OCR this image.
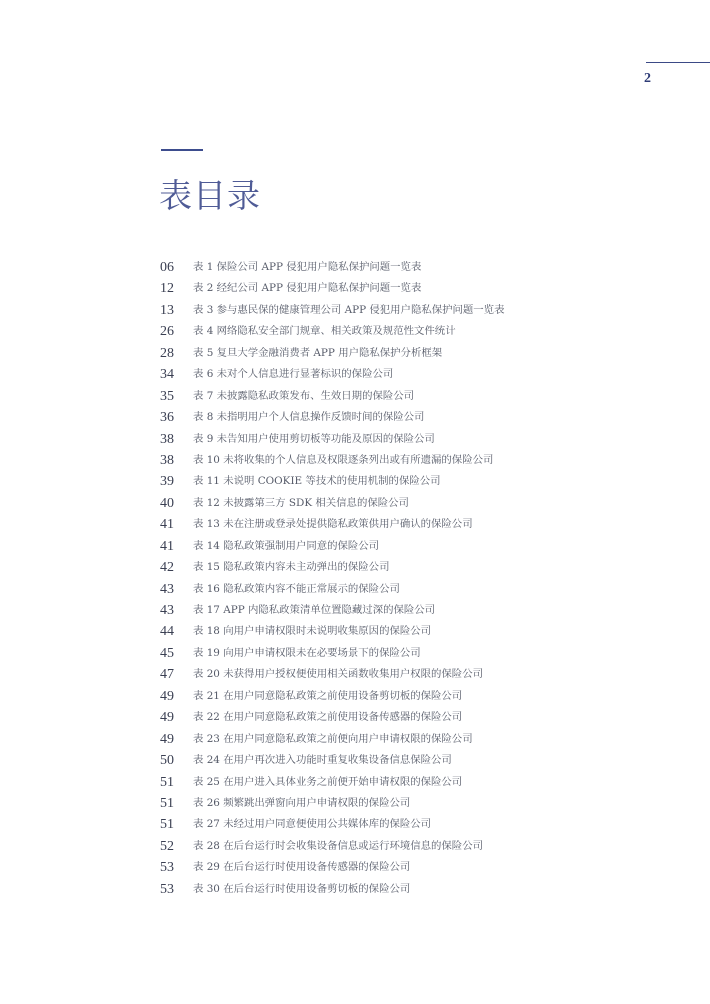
2
表目录
06	表 1 保险公司 APP 侵犯用户隐私保护问题一览表
12	表 2 经纪公司 APP 侵犯用户隐私保护问题一览表
13	表 3 参与惠民保的健康管理公司 APP 侵犯用户隐私保护问题一览表
26	表 4 网络隐私安全部门规章、相关政策及规范性文件统计
28	表 5 复旦大学金融消费者 APP 用户隐私保护分析框架
34	表 6 未对个人信息进行显著标识的保险公司
35	表 7 未披露隐私政策发布、生效日期的保险公司
36	表 8 未指明用户个人信息操作反馈时间的保险公司
38	表 9 未告知用户使用剪切板等功能及原因的保险公司
38	表 10 未将收集的个人信息及权限逐条列出或有所遗漏的保险公司
39	表 11 未说明 COOKIE 等技术的使用机制的保险公司
40	表 12 未披露第三方 SDK 相关信息的保险公司
41	表 13 未在注册或登录处提供隐私政策供用户确认的保险公司
41	表 14 隐私政策强制用户同意的保险公司
42	表 15 隐私政策内容未主动弹出的保险公司
43	表 16 隐私政策内容不能正常展示的保险公司
43	表 17 APP 内隐私政策清单位置隐藏过深的保险公司
44	表 18 向用户申请权限时未说明收集原因的保险公司
45	表 19 向用户申请权限未在必要场景下的保险公司
47	表 20 未获得用户授权便使用相关函数收集用户权限的保险公司
49	表 21 在用户同意隐私政策之前使用设备剪切板的保险公司
49	表 22 在用户同意隐私政策之前使用设备传感器的保险公司
49	表 23 在用户同意隐私政策之前便向用户申请权限的保险公司
50	表 24 在用户再次进入功能时重复收集设备信息保险公司
51	表 25 在用户进入具体业务之前便开始申请权限的保险公司
51	表 26 频繁跳出弹窗向用户申请权限的保险公司
51	表 27 未经过用户同意便使用公共媒体库的保险公司
52	表 28 在后台运行时会收集设备信息或运行环境信息的保险公司
53	表 29 在后台运行时使用设备传感器的保险公司
53	表 30 在后台运行时使用设备剪切板的保险公司
